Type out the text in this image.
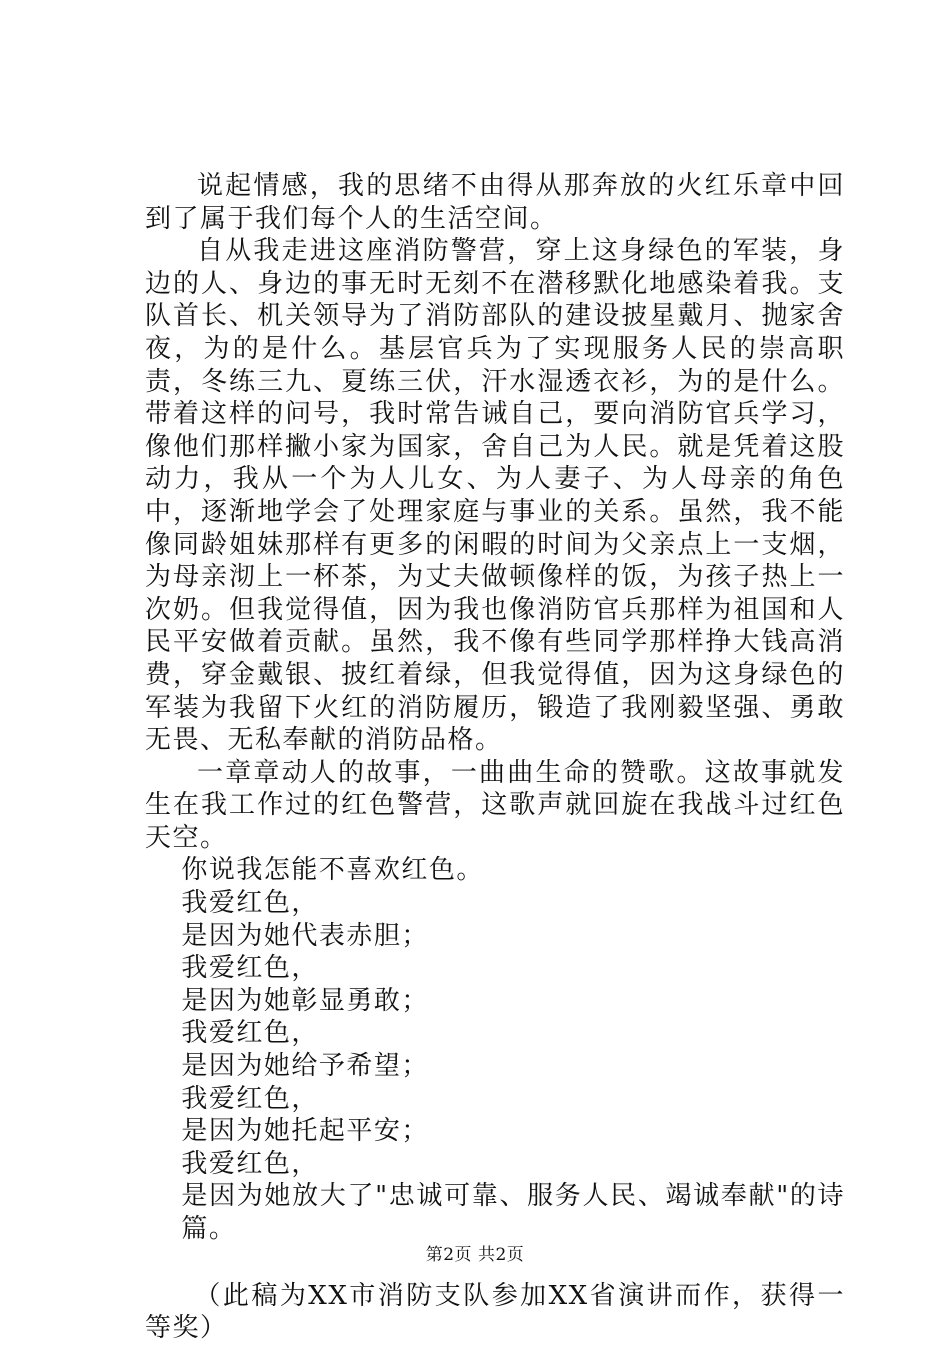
说起情感，我的思绪不由得从那奔放的火红乐章中回到了属于我们每个人的生活空间。

自从我走进这座消防警营，穿上这身绿色的军装，身边的人、身边的事无时无刻不在潜移默化地感染着我。支队首长、机关领导为了消防部队的建设披星戴月、抛家舍夜，为的是什么。基层官兵为了实现服务人民的崇高职责，冬练三九、夏练三伏，汗水湿透衣衫，为的是什么。带着这样的问号，我时常告诫自己，要向消防官兵学习，像他们那样撇小家为国家，舍自己为人民。就是凭着这股动力，我从一个为人儿女、为人妻子、为人母亲的角色中，逐渐地学会了处理家庭与事业的关系。虽然，我不能像同龄姐妹那样有更多的闲暇的时间为父亲点上一支烟，为母亲沏上一杯茶，为丈夫做顿像样的饭，为孩子热上一次奶。但我觉得值，因为我也像消防官兵那样为祖国和人民平安做着贡献。虽然，我不像有些同学那样挣大钱高消费，穿金戴银、披红着绿，但我觉得值，因为这身绿色的军装为我留下火红的消防履历，锻造了我刚毅坚强、勇敢无畏、无私奉献的消防品格。

一章章动人的故事，一曲曲生命的赞歌。这故事就发生在我工作过的红色警营，这歌声就回旋在我战斗过红色天空。

你说我怎能不喜欢红色。

我爱红色，

是因为她代表赤胆；

我爱红色，

是因为她彰显勇敢；

我爱红色，

是因为她给予希望；

我爱红色，

是因为她托起平安；

我爱红色，

是因为她放大了"忠诚可靠、服务人民、竭诚奉献"的诗篇。

（此稿为XX市消防支队参加XX省演讲而作，获得一等奖）

第2页 共2页
